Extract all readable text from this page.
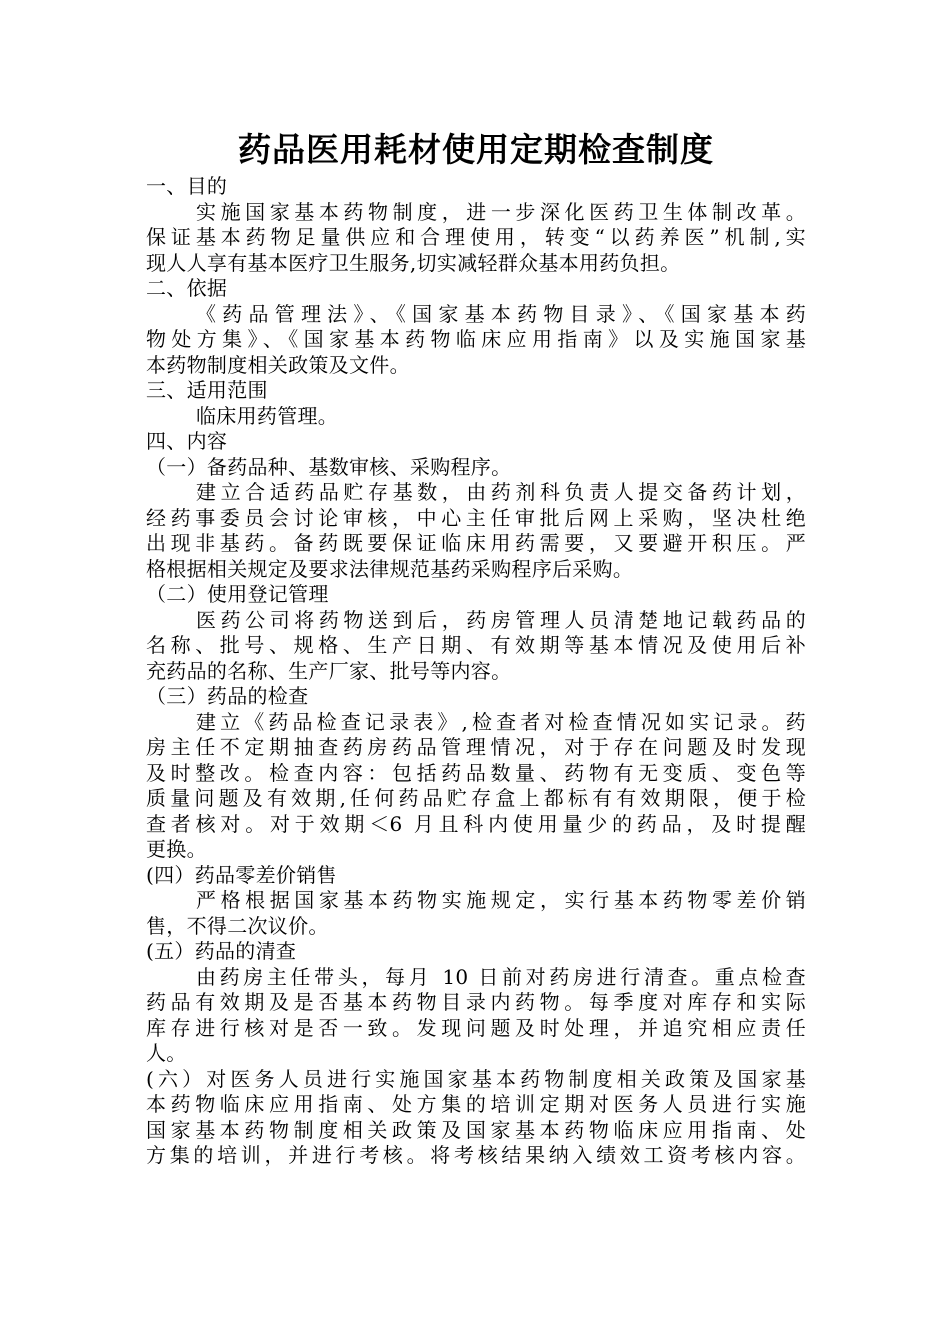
药品医用耗材使用定期检查制度
一、目的
实施国家基本药物制度，进一步深化医药卫生体制改革。
保证基本药物足量供应和合理使用，转变“以药养医”机制,实
现人人享有基本医疗卫生服务,切实减轻群众基本用药负担。
二、依据
《药品管理法》、《国家基本药物目录》、《国家基本药
物处方集》、《国家基本药物临床应用指南》以及实施国家基
本药物制度相关政策及文件。
三、适用范围
临床用药管理。
四、内容
（一）备药品种、基数审核、采购程序。
建立合适药品贮存基数，由药剂科负责人提交备药计划，
经药事委员会讨论审核，中心主任审批后网上采购，坚决杜绝
出现非基药。备药既要保证临床用药需要，又要避开积压。严
格根据相关规定及要求法律规范基药采购程序后采购。
（二）使用登记管理
医药公司将药物送到后，药房管理人员清楚地记载药品的
名称、批号、规格、生产日期、有效期等基本情况及使用后补
充药品的名称、生产厂家、批号等内容。
（三）药品的检查
建立《药品检查记录表》,检查者对检查情况如实记录。药
房主任不定期抽查药房药品管理情况，对于存在问题及时发现
及时整改。检查内容：包括药品数量、药物有无变质、变色等
质量问题及有效期,任何药品贮存盒上都标有有效期限，便于检
查者核对。对于效期＜6 月且科内使用量少的药品，及时提醒
更换。
(四）药品零差价销售
严格根据国家基本药物实施规定，实行基本药物零差价销
售，不得二次议价。
(五）药品的清查
由药房主任带头，每月 10 日前对药房进行清查。重点检查
药品有效期及是否基本药物目录内药物。每季度对库存和实际
库存进行核对是否一致。发现问题及时处理，并追究相应责任
人。
(六）对医务人员进行实施国家基本药物制度相关政策及国家基
本药物临床应用指南、处方集的培训定期对医务人员进行实施
国家基本药物制度相关政策及国家基本药物临床应用指南、处
方集的培训，并进行考核。将考核结果纳入绩效工资考核内容。
